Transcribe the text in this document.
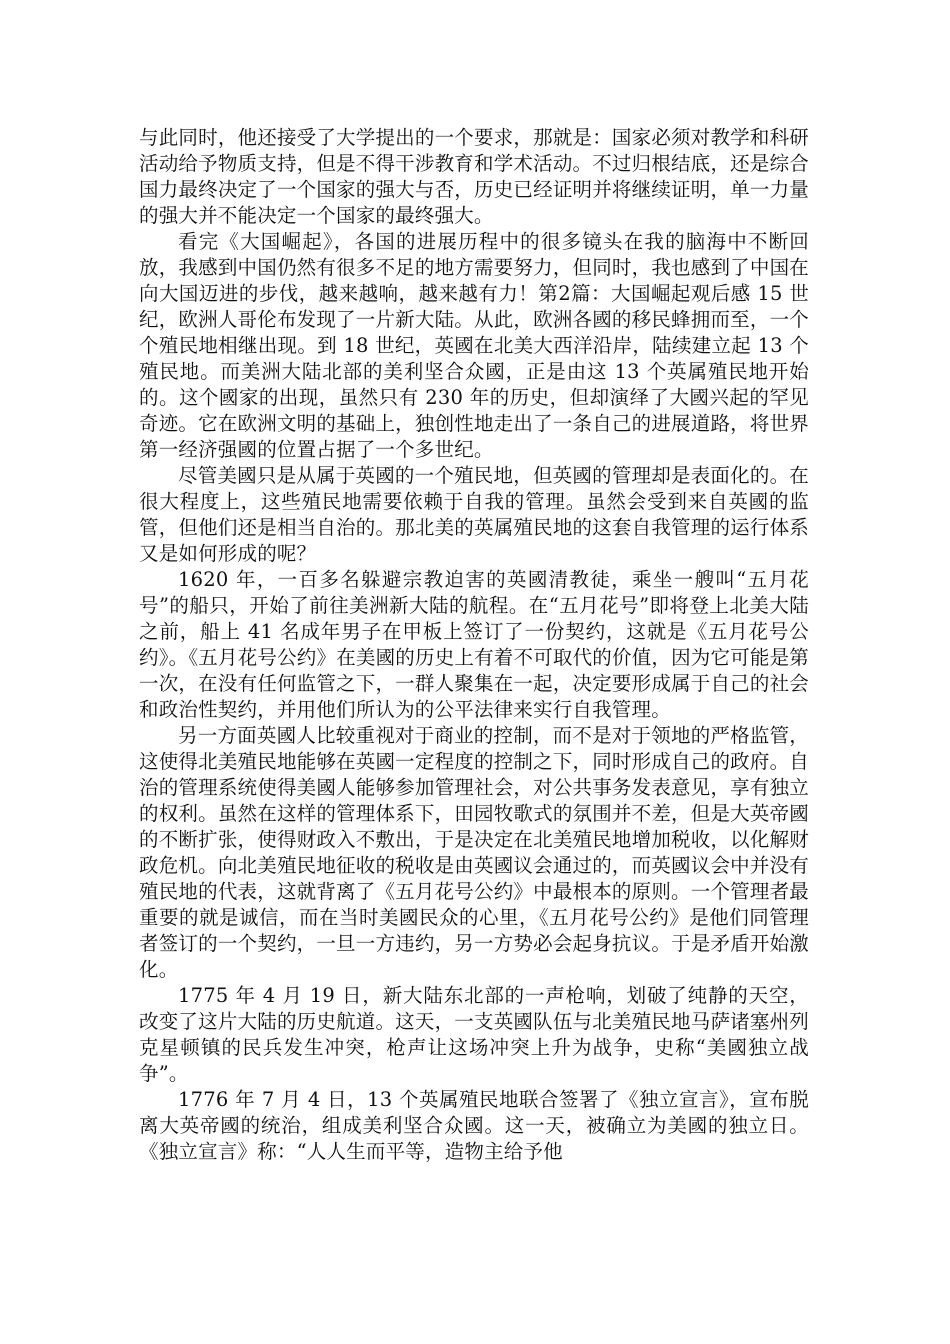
与此同时，他还接受了大学提出的一个要求，那就是：国家必须对教学和科研活动给予物质支持，但是不得干涉教育和学术活动。不过归根结底，还是综合国力最终决定了一个国家的强大与否，历史已经证明并将继续证明，单一力量的强大并不能决定一个国家的最终强大。

看完《大国崛起》，各国的进展历程中的很多镜头在我的脑海中不断回放，我感到中国仍然有很多不足的地方需要努力，但同时，我也感到了中国在向大国迈进的步伐，越来越响，越来越有力！第2篇：大国崛起观后感 15 世纪，欧洲人哥伦布发现了一片新大陆。从此，欧洲各國的移民蜂拥而至，一个个殖民地相继出现。到 18 世纪，英國在北美大西洋沿岸，陆续建立起 13 个殖民地。而美洲大陆北部的美利坚合众國，正是由这 13 个英属殖民地开始的。这个國家的出现，虽然只有 230 年的历史，但却演绎了大國兴起的罕见奇迹。它在欧洲文明的基础上，独创性地走出了一条自己的进展道路，将世界第一经济强國的位置占据了一个多世纪。

尽管美國只是从属于英國的一个殖民地，但英國的管理却是表面化的。在很大程度上，这些殖民地需要依赖于自我的管理。虽然会受到来自英國的监管，但他们还是相当自治的。那北美的英属殖民地的这套自我管理的运行体系又是如何形成的呢？

1620 年，一百多名躲避宗教迫害的英國清教徒，乘坐一艘叫“五月花号”的船只，开始了前往美洲新大陆的航程。在“五月花号”即将登上北美大陆之前，船上 41 名成年男子在甲板上签订了一份契约，这就是《五月花号公约》。《五月花号公约》在美國的历史上有着不可取代的价值，因为它可能是第一次，在没有任何监管之下，一群人聚集在一起，决定要形成属于自己的社会和政治性契约，并用他们所认为的公平法律来实行自我管理。

另一方面英國人比较重视对于商业的控制，而不是对于领地的严格监管，这使得北美殖民地能够在英國一定程度的控制之下，同时形成自己的政府。自治的管理系统使得美國人能够参加管理社会，对公共事务发表意见，享有独立的权利。虽然在这样的管理体系下，田园牧歌式的氛围并不差，但是大英帝國的不断扩张，使得财政入不敷出，于是决定在北美殖民地增加税收，以化解财政危机。向北美殖民地征收的税收是由英國议会通过的，而英國议会中并没有殖民地的代表，这就背离了《五月花号公约》中最根本的原则。一个管理者最重要的就是诚信，而在当时美國民众的心里，《五月花号公约》是他们同管理者签订的一个契约，一旦一方违约，另一方势必会起身抗议。于是矛盾开始激化。

1775 年 4 月 19 日，新大陆东北部的一声枪响，划破了纯静的天空，改变了这片大陆的历史航道。这天，一支英國队伍与北美殖民地马萨诸塞州列克星顿镇的民兵发生冲突，枪声让这场冲突上升为战争，史称“美國独立战争”。

1776 年 7 月 4 日，13 个英属殖民地联合签署了《独立宣言》，宣布脱离大英帝國的统治，组成美利坚合众國。这一天，被确立为美國的独立日。《独立宣言》称：“人人生而平等，造物主给予他
